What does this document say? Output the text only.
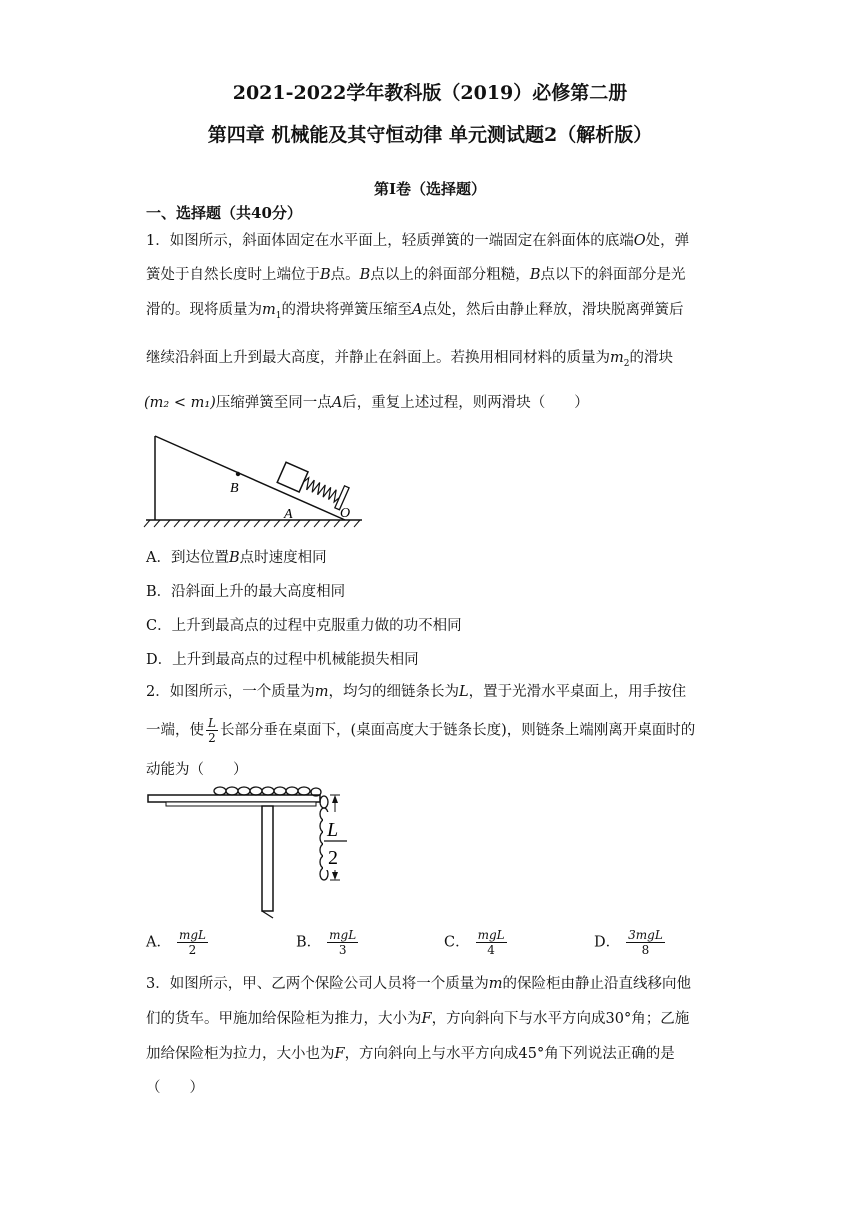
2021-2022学年教科版（2019）必修第二册
第四章 机械能及其守恒动律 单元测试题2（解析版）
第Ⅰ卷（选择题）
一、选择题（共40分）
1．如图所示，斜面体固定在水平面上，轻质弹簧的一端固定在斜面体的底端O处，弹
簧处于自然长度时上端位于B点。B点以上的斜面部分粗糙，B点以下的斜面部分是光
滑的。现将质量为$m_1$的滑块将弹簧压缩至A点处，然后由静止释放，滑块脱离弹簧后
继续沿斜面上升到最大高度，并静止在斜面上。若换用相同材料的质量为$m_2$的滑块
(m₂ < m₁)压缩弹簧至同一点A后，重复上述过程，则两滑块（　　）
B
A	O
A．到达位置B点时速度相同
B．沿斜面上升的最大高度相同
C．上升到最高点的过程中克服重力做的功不相同
D．上升到最高点的过程中机械能损失相同
2．如图所示，一个质量为m，均匀的细链条长为L，置于光滑水平桌面上，用手按住
一端，使 $\frac{L}{2}$ 长部分垂在桌面下，(桌面高度大于链条长度)，则链条上端刚离开桌面时的
动能为（　　）
L
2
A． $\frac{\text{mgL}}{2}$	B． $\frac{\text{mgL}}{3}$	C． $\frac{\text{mgL}}{4}$	D． $\frac{\text{3mgL}}{8}$
3．如图所示，甲、乙两个保险公司人员将一个质量为m的保险柜由静止沿直线移向他
们的货车。甲施加给保险柜为推力，大小为F，方向斜向下与水平方向成30°角；乙施
加给保险柜为拉力，大小也为F，方向斜向上与水平方向成45°角下列说法正确的是
（　　）
